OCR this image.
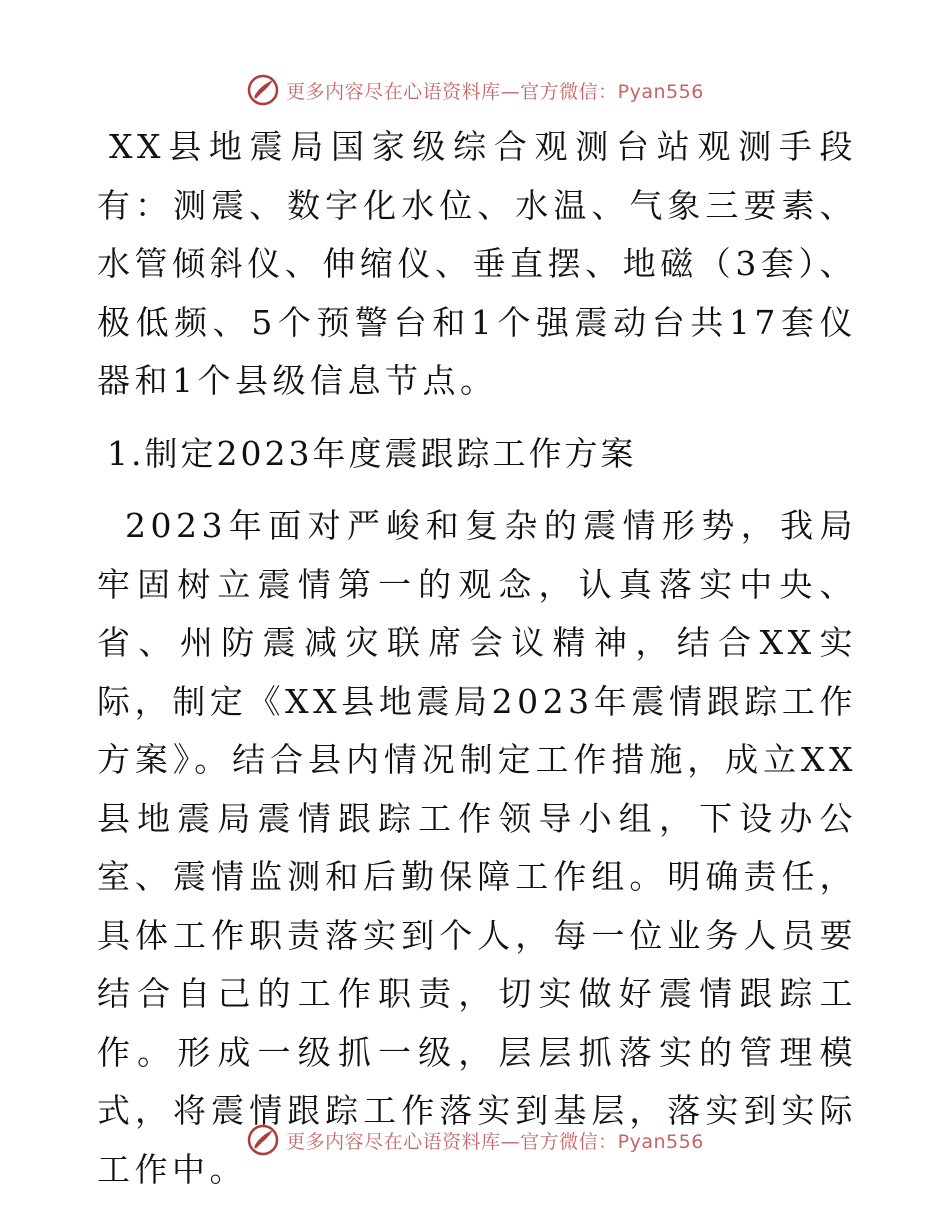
更多内容尽在心语资料库—官方微信：Pyan556

XX县地震局国家级综合观测台站观测手段有：测震、数字化水位、水温、气象三要素、水管倾斜仪、伸缩仪、垂直摆、地磁（3套）、极低频、5个预警台和1个强震动台共17套仪器和1个县级信息节点。

1.制定2023年度震跟踪工作方案

2023年面对严峻和复杂的震情形势，我局牢固树立震情第一的观念，认真落实中央、省、州防震减灾联席会议精神，结合XX实际，制定《XX县地震局2023年震情跟踪工作方案》。结合县内情况制定工作措施，成立XX县地震局震情跟踪工作领导小组，下设办公室、震情监测和后勤保障工作组。明确责任，具体工作职责落实到个人，每一位业务人员要结合自己的工作职责，切实做好震情跟踪工作。形成一级抓一级，层层抓落实的管理模式，将震情跟踪工作落实到基层，落实到实际工作中。

更多内容尽在心语资料库—官方微信：Pyan556
